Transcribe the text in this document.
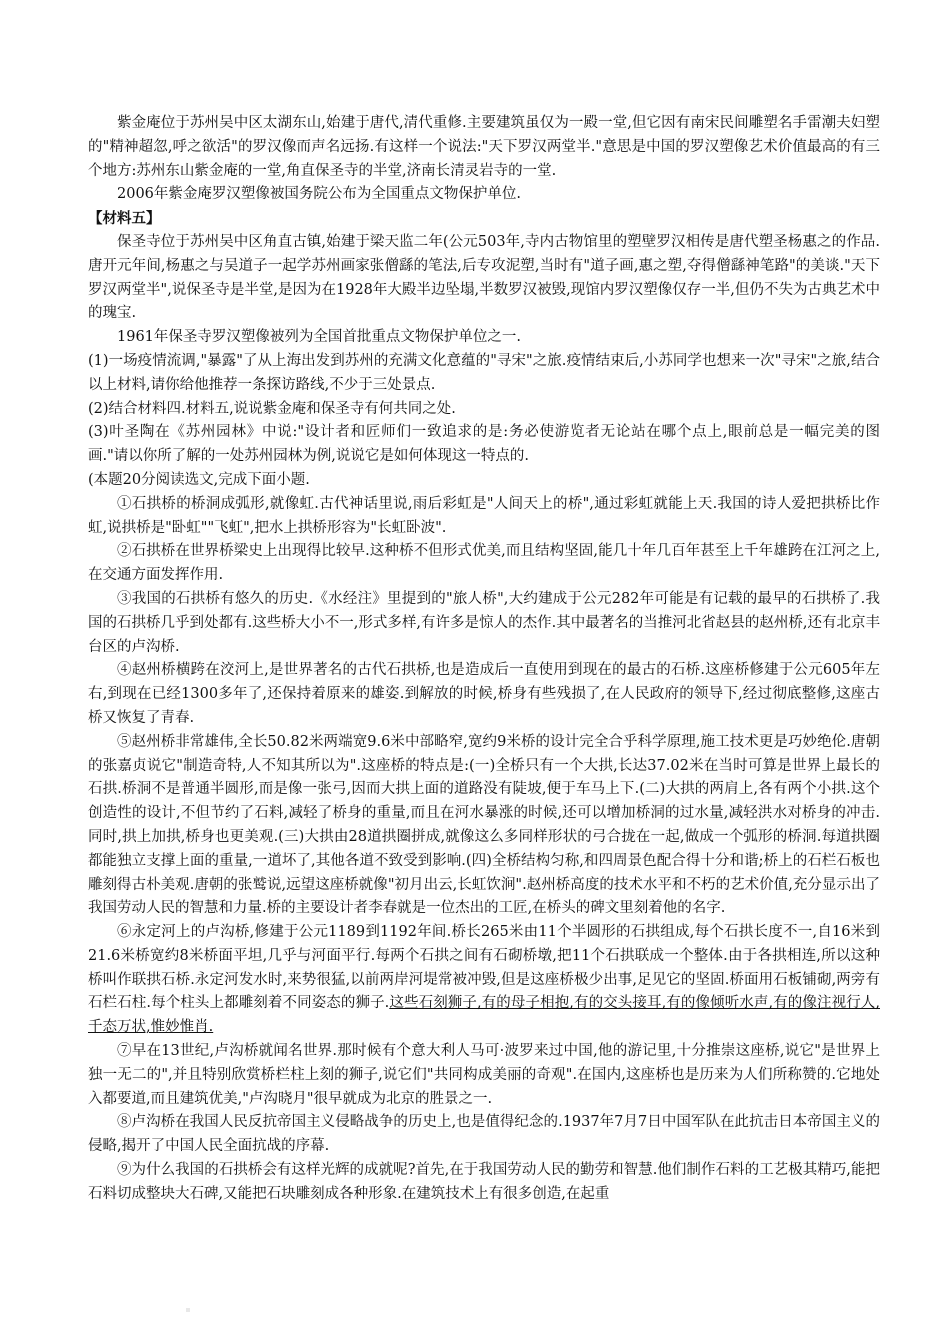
紫金庵位于苏州吴中区太湖东山,始建于唐代,清代重修.主要建筑虽仅为一殿一堂,但它因有南宋民间雕塑名手雷潮夫妇塑的"精神超忽,呼之欲活"的罗汉像而声名远扬.有这样一个说法:"天下罗汉两堂半."意思是中国的罗汉塑像艺术价值最高的有三个地方:苏州东山紫金庵的一堂,角直保圣寺的半堂,济南长清灵岩寺的一堂.

2006年紫金庵罗汉塑像被国务院公布为全国重点文物保护单位.

【材料五】

保圣寺位于苏州吴中区角直古镇,始建于梁天监二年(公元503年,寺内古物馆里的塑壁罗汉相传是唐代塑圣杨惠之的作品.唐开元年间,杨惠之与吴道子一起学苏州画家张僧繇的笔法,后专攻泥塑,当时有"道子画,惠之塑,夺得僧繇神笔路"的美谈."天下罗汉两堂半",说保圣寺是半堂,是因为在1928年大殿半边坠塌,半数罗汉被毁,现馆内罗汉塑像仅存一半,但仍不失为古典艺术中的瑰宝.

1961年保圣寺罗汉塑像被列为全国首批重点文物保护单位之一.

(1)一场疫情流调,"暴露"了从上海出发到苏州的充满文化意蕴的"寻宋"之旅.疫情结束后,小苏同学也想来一次"寻宋"之旅,结合以上材料,请你给他推荐一条探访路线,不少于三处景点.

(2)结合材料四.材料五,说说紫金庵和保圣寺有何共同之处.

(3)叶圣陶在《苏州园林》中说:"设计者和匠师们一致追求的是:务必使游览者无论站在哪个点上,眼前总是一幅完美的图画."请以你所了解的一处苏州园林为例,说说它是如何体现这一特点的.

(本题20分阅读选文,完成下面小题.

①石拱桥的桥洞成弧形,就像虹.古代神话里说,雨后彩虹是"人间天上的桥",通过彩虹就能上天.我国的诗人爱把拱桥比作虹,说拱桥是"卧虹""飞虹",把水上拱桥形容为"长虹卧波".

②石拱桥在世界桥梁史上出现得比较早.这种桥不但形式优美,而且结构坚固,能几十年几百年甚至上千年雄跨在江河之上,在交通方面发挥作用.

③我国的石拱桥有悠久的历史.《水经注》里提到的"旅人桥",大约建成于公元282年可能是有记载的最早的石拱桥了.我国的石拱桥几乎到处都有.这些桥大小不一,形式多样,有许多是惊人的杰作.其中最著名的当推河北省赵县的赵州桥,还有北京丰台区的卢沟桥.

④赵州桥横跨在洨河上,是世界著名的古代石拱桥,也是造成后一直使用到现在的最古的石桥.这座桥修建于公元605年左右,到现在已经1300多年了,还保持着原来的雄姿.到解放的时候,桥身有些残损了,在人民政府的领导下,经过彻底整修,这座古桥又恢复了青春.

⑤赵州桥非常雄伟,全长50.82米两端宽9.6米中部略窄,宽约9米桥的设计完全合乎科学原理,施工技术更是巧妙绝伦.唐朝的张嘉贞说它"制造奇特,人不知其所以为".这座桥的特点是:(一)全桥只有一个大拱,长达37.02米在当时可算是世界上最长的石拱.桥洞不是普通半圆形,而是像一张弓,因而大拱上面的道路没有陡坡,便于车马上下.(二)大拱的两肩上,各有两个小拱.这个创造性的设计,不但节约了石料,减轻了桥身的重量,而且在河水暴涨的时候,还可以增加桥洞的过水量,减轻洪水对桥身的冲击.同时,拱上加拱,桥身也更美观.(三)大拱由28道拱圈拼成,就像这么多同样形状的弓合拢在一起,做成一个弧形的桥洞.每道拱圈都能独立支撑上面的重量,一道坏了,其他各道不致受到影响.(四)全桥结构匀称,和四周景色配合得十分和谐;桥上的石栏石板也雕刻得古朴美观.唐朝的张鹫说,远望这座桥就像"初月出云,长虹饮涧".赵州桥高度的技术水平和不朽的艺术价值,充分显示出了我国劳动人民的智慧和力量.桥的主要设计者李春就是一位杰出的工匠,在桥头的碑文里刻着他的名字.

⑥永定河上的卢沟桥,修建于公元1189到1192年间.桥长265米由11个半圆形的石拱组成,每个石拱长度不一,自16米到21.6米桥宽约8米桥面平坦,几乎与河面平行.每两个石拱之间有石砌桥墩,把11个石拱联成一个整体.由于各拱相连,所以这种桥叫作联拱石桥.永定河发水时,来势很猛,以前两岸河堤常被冲毁,但是这座桥极少出事,足见它的坚固.桥面用石板铺砌,两旁有石栏石柱.每个柱头上都雕刻着不同姿态的狮子.这些石刻狮子,有的母子相抱,有的交头接耳,有的像倾听水声,有的像注视行人,千态万状,惟妙惟肖.

⑦早在13世纪,卢沟桥就闻名世界.那时候有个意大利人马可·波罗来过中国,他的游记里,十分推崇这座桥,说它"是世界上独一无二的",并且特别欣赏桥栏柱上刻的狮子,说它们"共同构成美丽的奇观".在国内,这座桥也是历来为人们所称赞的.它地处入都要道,而且建筑优美,"卢沟晓月"很早就成为北京的胜景之一.

⑧卢沟桥在我国人民反抗帝国主义侵略战争的历史上,也是值得纪念的.1937年7月7日中国军队在此抗击日本帝国主义的侵略,揭开了中国人民全面抗战的序幕.

⑨为什么我国的石拱桥会有这样光辉的成就呢?首先,在于我国劳动人民的勤劳和智慧.他们制作石料的工艺极其精巧,能把石料切成整块大石碑,又能把石块雕刻成各种形象.在建筑技术上有很多创造,在起重
